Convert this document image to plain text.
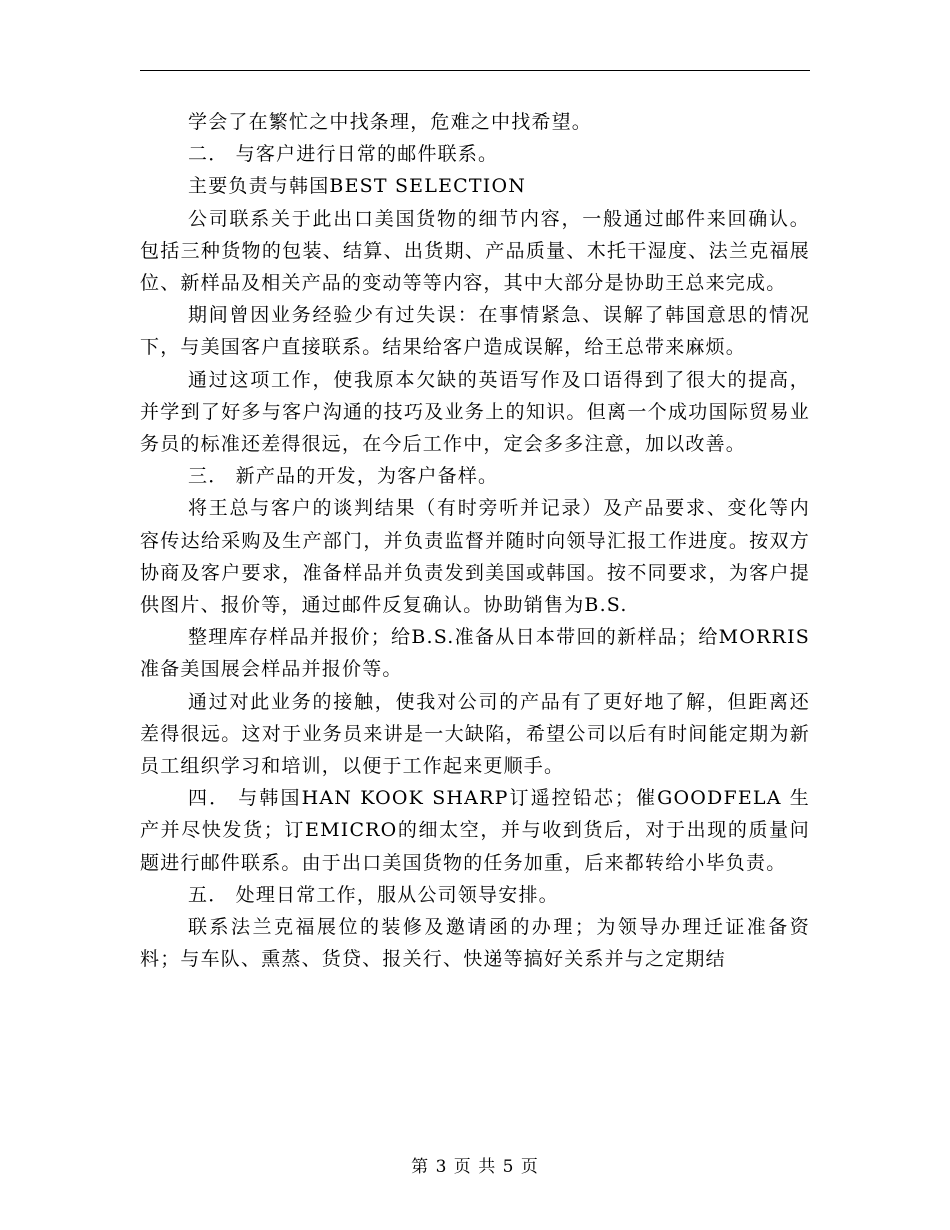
学会了在繁忙之中找条理，危难之中找希望。

二． 与客户进行日常的邮件联系。

主要负责与韩国BEST SELECTION

公司联系关于此出口美国货物的细节内容，一般通过邮件来回确认。包括三种货物的包装、结算、出货期、产品质量、木托干湿度、法兰克福展位、新样品及相关产品的变动等等内容，其中大部分是协助王总来完成。

期间曾因业务经验少有过失误：在事情紧急、误解了韩国意思的情况下，与美国客户直接联系。结果给客户造成误解，给王总带来麻烦。

通过这项工作，使我原本欠缺的英语写作及口语得到了很大的提高，并学到了好多与客户沟通的技巧及业务上的知识。但离一个成功国际贸易业务员的标准还差得很远，在今后工作中，定会多多注意，加以改善。

三． 新产品的开发，为客户备样。

将王总与客户的谈判结果（有时旁听并记录）及产品要求、变化等内容传达给采购及生产部门，并负责监督并随时向领导汇报工作进度。按双方协商及客户要求，准备样品并负责发到美国或韩国。按不同要求，为客户提供图片、报价等，通过邮件反复确认。协助销售为B.S.

整理库存样品并报价；给B.S.准备从日本带回的新样品；给MORRIS 准备美国展会样品并报价等。

通过对此业务的接触，使我对公司的产品有了更好地了解，但距离还差得很远。这对于业务员来讲是一大缺陷，希望公司以后有时间能定期为新员工组织学习和培训，以便于工作起来更顺手。

四． 与韩国HAN KOOK SHARP订遥控铅芯；催GOODFELA 生产并尽快发货；订EMICRO的细太空，并与收到货后，对于出现的质量问题进行邮件联系。由于出口美国货物的任务加重，后来都转给小毕负责。

五． 处理日常工作，服从公司领导安排。

联系法兰克福展位的装修及邀请函的办理；为领导办理迁证准备资料；与车队、熏蒸、货贷、报关行、快递等搞好关系并与之定期结

第 3 页 共 5 页
